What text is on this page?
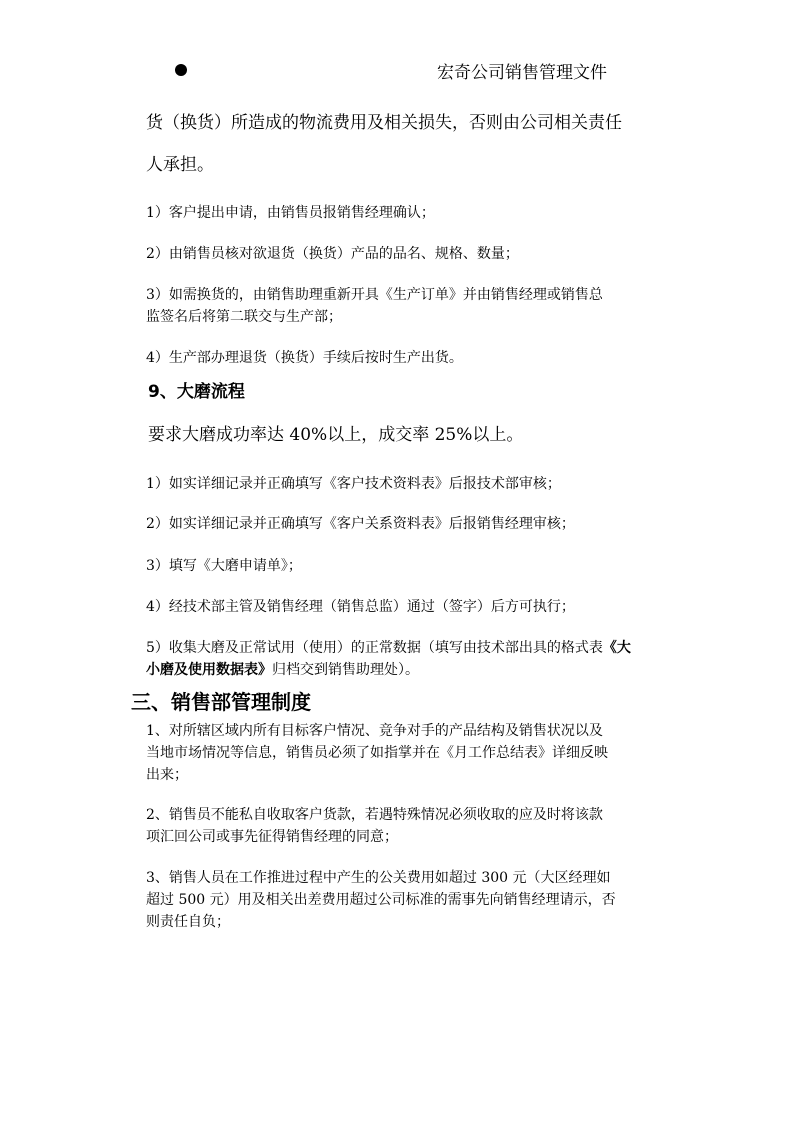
宏奇公司销售管理文件
货（换货）所造成的物流费用及相关损失，否则由公司相关责任
人承担。
1）客户提出申请，由销售员报销售经理确认；
2）由销售员核对欲退货（换货）产品的品名、规格、数量；
3）如需换货的，由销售助理重新开具《生产订单》并由销售经理或销售总
监签名后将第二联交与生产部；
4）生产部办理退货（换货）手续后按时生产出货。
9、大磨流程
要求大磨成功率达 40%以上，成交率 25%以上。
1）如实详细记录并正确填写《客户技术资料表》后报技术部审核；
2）如实详细记录并正确填写《客户关系资料表》后报销售经理审核；
3）填写《大磨申请单》；
4）经技术部主管及销售经理（销售总监）通过（签字）后方可执行；
5）收集大磨及正常试用（使用）的正常数据（填写由技术部出具的格式表《大
小磨及使用数据表》归档交到销售助理处）。
三、销售部管理制度
1、对所辖区域内所有目标客户情况、竞争对手的产品结构及销售状况以及
当地市场情况等信息，销售员必须了如指掌并在《月工作总结表》详细反映
出来；
2、销售员不能私自收取客户货款，若遇特殊情况必须收取的应及时将该款
项汇回公司或事先征得销售经理的同意；
3、销售人员在工作推进过程中产生的公关费用如超过 300 元（大区经理如
超过 500 元）用及相关出差费用超过公司标准的需事先向销售经理请示，否
则责任自负；
